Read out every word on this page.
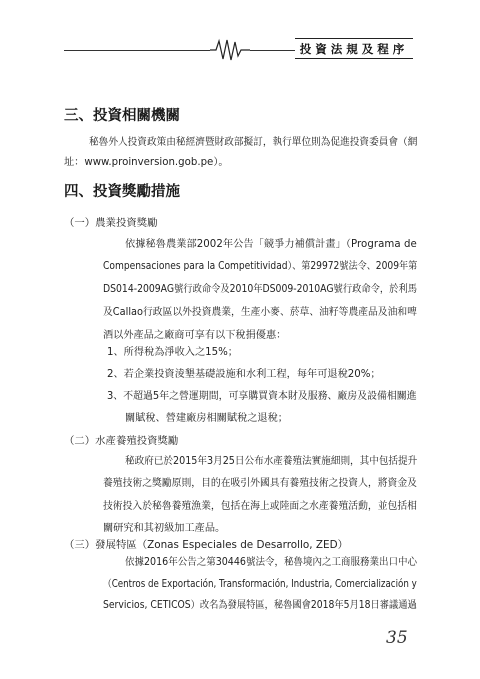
投資法規及程序
三、投資相關機關
秘魯外人投資政策由秘經濟暨財政部擬訂，執行單位則為促進投資委員會（網
址：www.proinversion.gob.pe）。
四、投資獎勵措施
（一）農業投資獎勵
依據秘魯農業部2002年公告「競爭力補償計畫」（Programa de
Compensaciones para la Competitividad）、第29972號法令、2009年第
DS014-2009AG號行政命令及2010年DS009-2010AG號行政命令，於利馬
及Callao行政區以外投資農業，生產小麥、菸草、油籽等農產品及油和啤
酒以外產品之廠商可享有以下稅捐優惠：
1、所得稅為淨收入之15%；
2、若企業投資淩墾基礎設施和水利工程，每年可退稅20%；
3、不超過5年之營運期間，可享購買資本財及服務、廠房及設備相關進
關賦稅、營建廠房相關賦稅之退稅；
（二）水產養殖投資獎勵
秘政府已於2015年3月25日公布水產養殖法實施細則，其中包括提升
養殖技術之獎勵原則，目的在吸引外國具有養殖技術之投資人，將資金及
技術投入於秘魯養殖漁業，包括在海上或陸面之水產養殖活動，並包括相
關研究和其初級加工產品。
（三）發展特區（Zonas Especiales de Desarrollo, ZED）
依據2016年公告之第30446號法令，秘魯境內之工商服務業出口中心
（Centros de Exportación, Transformación, Industria, Comercialización y
Servicios, CETICOS）改名為發展特區，秘魯國會2018年5月18日審議通過
35
